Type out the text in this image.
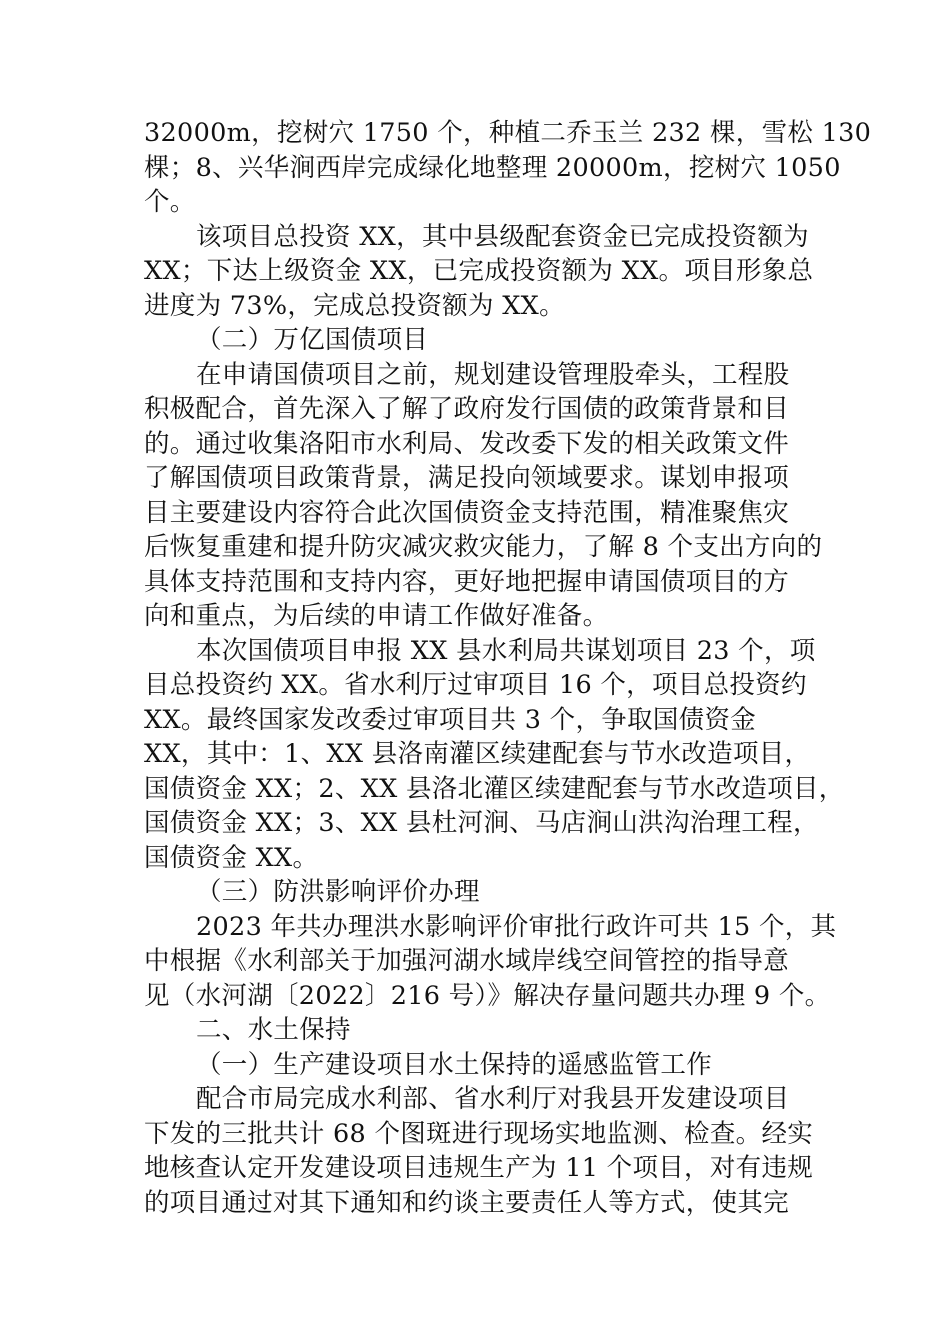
32000m，挖树穴 1750 个，种植二乔玉兰 232 棵，雪松 130
棵；8、兴华涧西岸完成绿化地整理 20000m，挖树穴 1050
个。
该项目总投资 XX，其中县级配套资金已完成投资额为
XX；下达上级资金 XX，已完成投资额为 XX。项目形象总
进度为 73%，完成总投资额为 XX。
（二）万亿国债项目
在申请国债项目之前，规划建设管理股牵头，工程股
积极配合，首先深入了解了政府发行国债的政策背景和目
的。通过收集洛阳市水利局、发改委下发的相关政策文件
了解国债项目政策背景，满足投向领域要求。谋划申报项
目主要建设内容符合此次国债资金支持范围，精准聚焦灾
后恢复重建和提升防灾减灾救灾能力，了解 8 个支出方向的
具体支持范围和支持内容，更好地把握申请国债项目的方
向和重点，为后续的申请工作做好准备。
本次国债项目申报 XX 县水利局共谋划项目 23 个，项
目总投资约 XX。省水利厅过审项目 16 个，项目总投资约
XX。最终国家发改委过审项目共 3 个，争取国债资金
XX，其中：1、XX 县洛南灌区续建配套与节水改造项目，
国债资金 XX；2、XX 县洛北灌区续建配套与节水改造项目，
国债资金 XX；3、XX 县杜河涧、马店涧山洪沟治理工程，
国债资金 XX。
（三）防洪影响评价办理
2023 年共办理洪水影响评价审批行政许可共 15 个，其
中根据《水利部关于加强河湖水域岸线空间管控的指导意
见（水河湖〔2022〕216 号）》解决存量问题共办理 9 个。
二、水土保持
（一）生产建设项目水土保持的遥感监管工作
配合市局完成水利部、省水利厅对我县开发建设项目
下发的三批共计 68 个图斑进行现场实地监测、检查。经实
地核查认定开发建设项目违规生产为 11 个项目，对有违规
的项目通过对其下通知和约谈主要责任人等方式，使其完
